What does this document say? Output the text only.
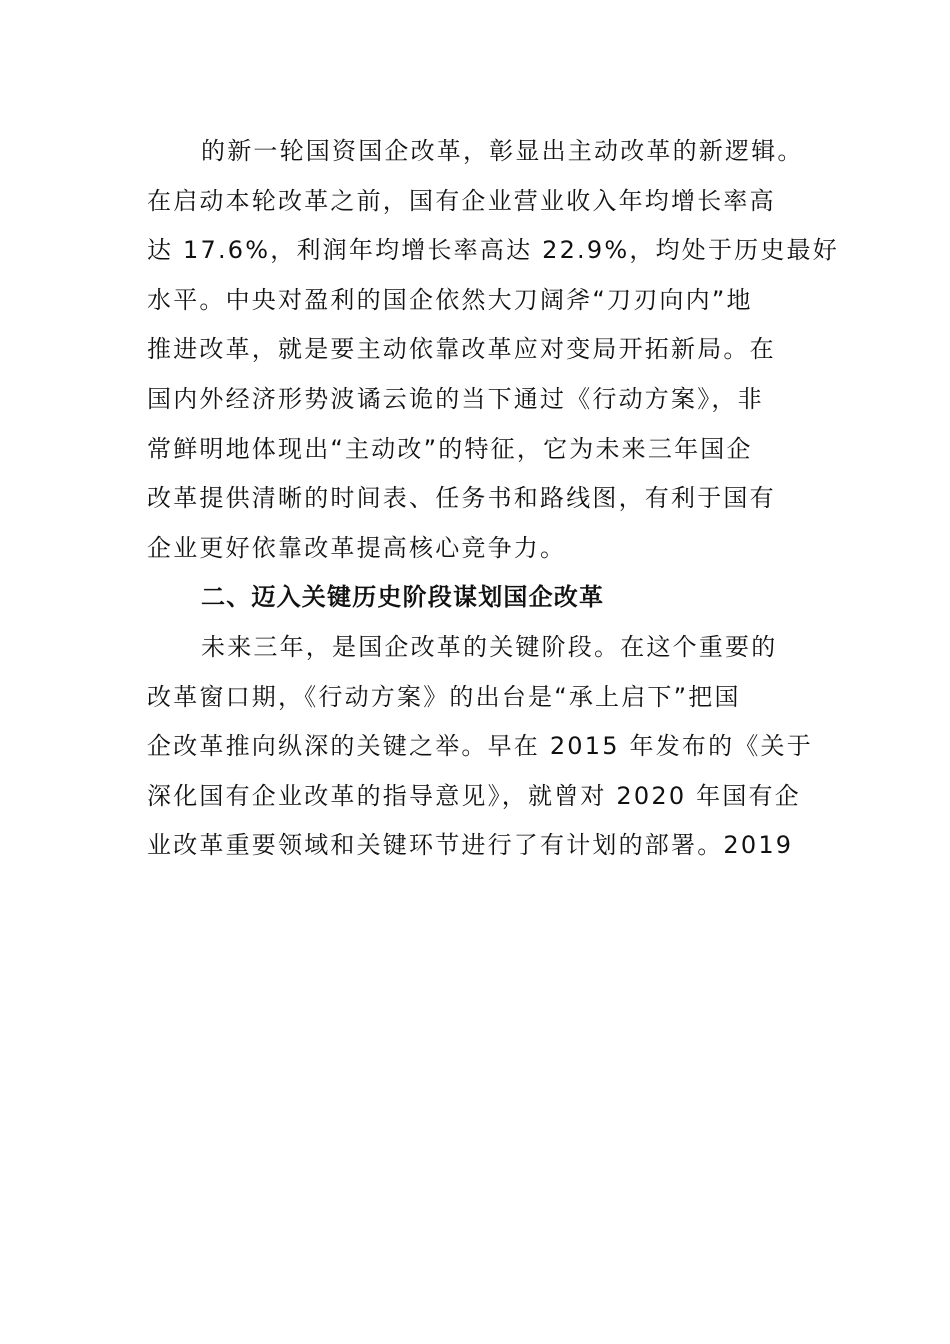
的新一轮国资国企改革，彰显出主动改革的新逻辑。
在启动本轮改革之前，国有企业营业收入年均增长率高
达 17.6%，利润年均增长率高达 22.9%，均处于历史最好
水平。中央对盈利的国企依然大刀阔斧“刀刃向内”地
推进改革，就是要主动依靠改革应对变局开拓新局。在
国内外经济形势波谲云诡的当下通过《行动方案》，非
常鲜明地体现出“主动改”的特征，它为未来三年国企
改革提供清晰的时间表、任务书和路线图，有利于国有
企业更好依靠改革提高核心竞争力。
二、迈入关键历史阶段谋划国企改革
未来三年，是国企改革的关键阶段。在这个重要的
改革窗口期，《行动方案》的出台是“承上启下”把国
企改革推向纵深的关键之举。早在 2015 年发布的《关于
深化国有企业改革的指导意见》，就曾对 2020 年国有企
业改革重要领域和关键环节进行了有计划的部署。2019
